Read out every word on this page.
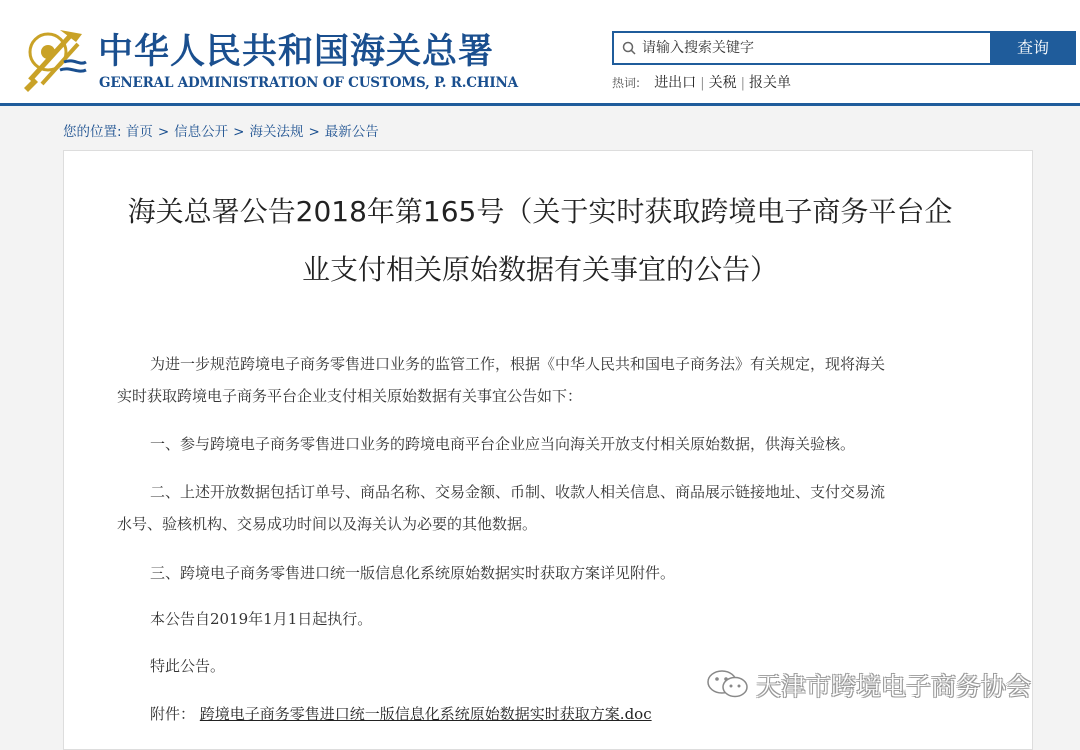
中华人民共和国海关总署
GENERAL ADMINISTRATION OF CUSTOMS, P. R.CHINA
请输入搜索关键字
查询
热词: 进出口 | 关税 | 报关单
您的位置: 首页 > 信息公开 > 海关法规 > 最新公告
海关总署公告2018年第165号（关于实时获取跨境电子商务平台企
业支付相关原始数据有关事宜的公告）
为进一步规范跨境电子商务零售进口业务的监管工作，根据《中华人民共和国电子商务法》有关规定，现将海关
实时获取跨境电子商务平台企业支付相关原始数据有关事宜公告如下：
一、参与跨境电子商务零售进口业务的跨境电商平台企业应当向海关开放支付相关原始数据，供海关验核。
二、上述开放数据包括订单号、商品名称、交易金额、币制、收款人相关信息、商品展示链接地址、支付交易流
水号、验核机构、交易成功时间以及海关认为必要的其他数据。
三、跨境电子商务零售进口统一版信息化系统原始数据实时获取方案详见附件。
本公告自2019年1月1日起执行。
特此公告。
附件： 跨境电子商务零售进口统一版信息化系统原始数据实时获取方案.doc
天津市跨境电子商务协会
